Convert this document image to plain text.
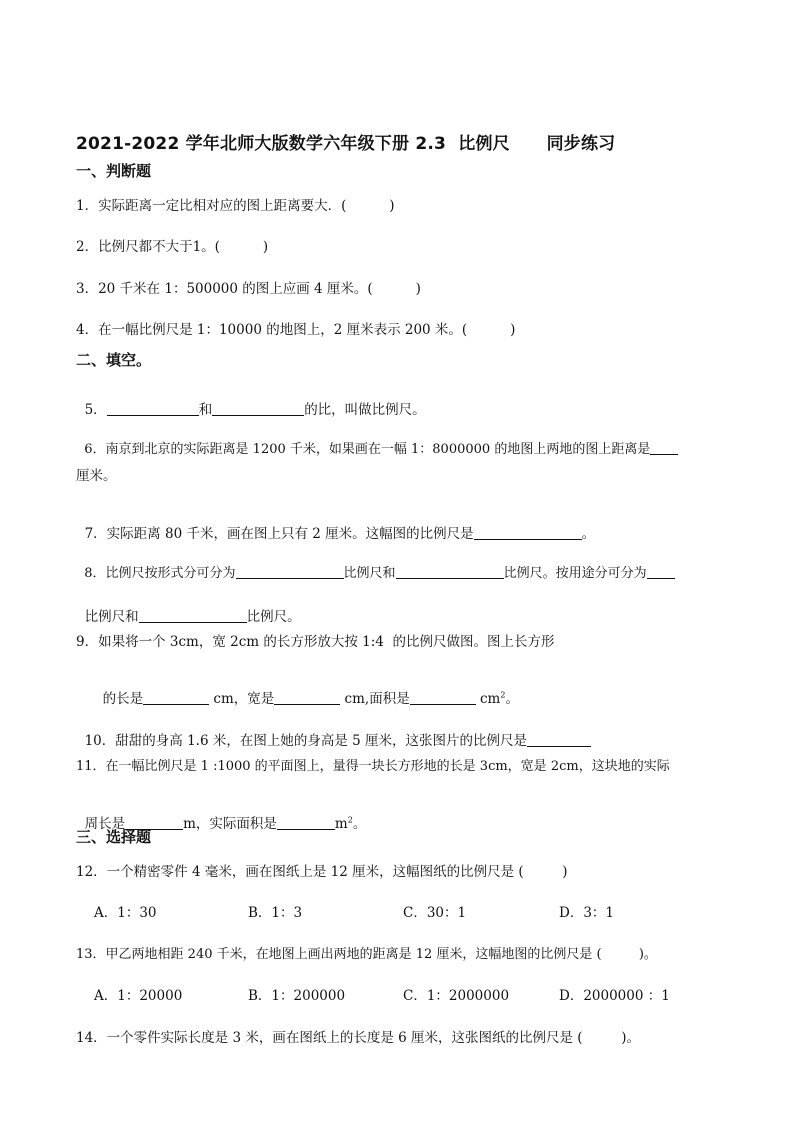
2021-2022 学年北师大版数学六年级下册 2.3  比例尺      同步练习
一、判断题
1．实际距离一定比相对应的图上距离要大．(          )
2．比例尺都不大于1。(          )
3．20 千米在 1：500000 的图上应画 4 厘米。(          )
4．在一幅比例尺是 1：10000 的地图上，2 厘米表示 200 米。(          )
二、填空。

5．	和	的比，叫做比例尺。

6．南京到北京的实际距离是 1200 千米，如果画在一幅 1：8000000 的地图上两地的图上距离是

厘米。

7．实际距离 80 千米，画在图上只有 2 厘米。这幅图的比例尺是	。

8．比例尺按形式分可分为	比例尺和	比例尺。按用途分可分为

比例尺和	比例尺。

9．如果将一个 3cm，宽 2cm 的长方形放大按 1:4  的比例尺做图。图上长方形

的长是	cm，宽是	cm,面积是	$cm^2$。

10．甜甜的身高 1.6 米，在图上她的身高是 5 厘米，这张图片的比例尺是

11．在一幅比例尺是 1 :1000 的平面图上，量得一块长方形地的长是 3cm，宽是 2cm，这块地的实际

周长是	m，实际面积是	$m^2$。

三、选择题
12．一个精密零件 4 毫米，画在图纸上是 12 厘米，这幅图纸的比例尺是 (         )
A．1：30	B．1：3	C．30：1	D．3：1
13．甲乙两地相距 240 千米，在地图上画出两地的距离是 12 厘米，这幅地图的比例尺是 (         )。
A．1：20000	B．1：200000	C．1：2000000	D．2000000 ：1
14．一个零件实际长度是 3 米，画在图纸上的长度是 6 厘米，这张图纸的比例尺是 (         )。
